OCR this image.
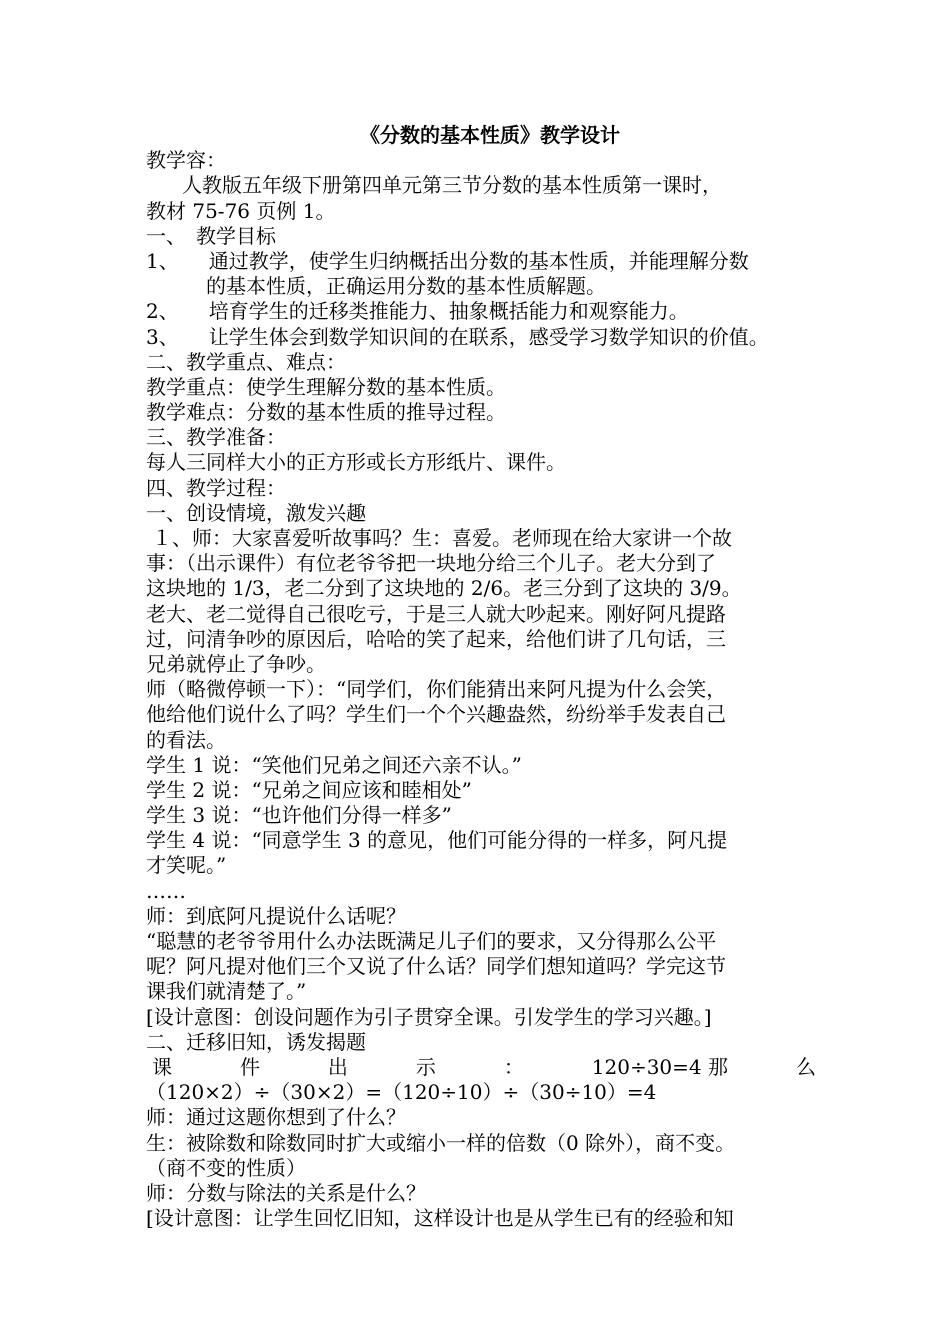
《分数的基本性质》教学设计
教学容：
人教版五年级下册第四单元第三节分数的基本性质第一课时，
教材 75-76 页例 1。
一、　教学目标
1、　　通过教学，使学生归纳概括出分数的基本性质，并能理解分数
的基本性质，正确运用分数的基本性质解题。
2、　　培育学生的迁移类推能力、抽象概括能力和观察能力。
3、　　让学生体会到数学知识间的在联系，感受学习数学知识的价值。
二、教学重点、难点：
教学重点：使学生理解分数的基本性质。
教学难点：分数的基本性质的推导过程。
三、教学准备：
每人三同样大小的正方形或长方形纸片、课件。
四、教学过程：
一、创设情境，激发兴趣
１、师：大家喜爱听故事吗？生：喜爱。老师现在给大家讲一个故
事：（出示课件）有位老爷爷把一块地分给三个儿子。老大分到了
这块地的 1/3，老二分到了这块地的 2/6。老三分到了这块的 3/9。
老大、老二觉得自己很吃亏，于是三人就大吵起来。刚好阿凡提路
过，问清争吵的原因后，哈哈的笑了起来，给他们讲了几句话，三
兄弟就停止了争吵。
师（略微停顿一下）：“同学们，你们能猜出来阿凡提为什么会笑，
他给他们说什么了吗？学生们一个个兴趣盎然，纷纷举手发表自己
的看法。
学生 1 说：“笑他们兄弟之间还六亲不认。”
学生 2 说：“兄弟之间应该和睦相处”
学生 3 说：“也许他们分得一样多”
学生 4 说：“同意学生 3 的意见，他们可能分得的一样多，阿凡提
才笑呢。”
……
师：到底阿凡提说什么话呢？
“聪慧的老爷爷用什么办法既满足儿子们的要求，又分得那么公平
呢？阿凡提对他们三个又说了什么话？同学们想知道吗？学完这节
课我们就清楚了。”
[设计意图：创设问题作为引子贯穿全课。引发学生的学习兴趣。]
二、迁移旧知，诱发揭题
课	件	出	示	：	120÷30=4 那	么
（120×2）÷（30×2）=（120÷10）÷（30÷10）=4
师：通过这题你想到了什么？
生：被除数和除数同时扩大或缩小一样的倍数（0 除外），商不变。
（商不变的性质）
师：分数与除法的关系是什么？
[设计意图：让学生回忆旧知，这样设计也是从学生已有的经验和知
